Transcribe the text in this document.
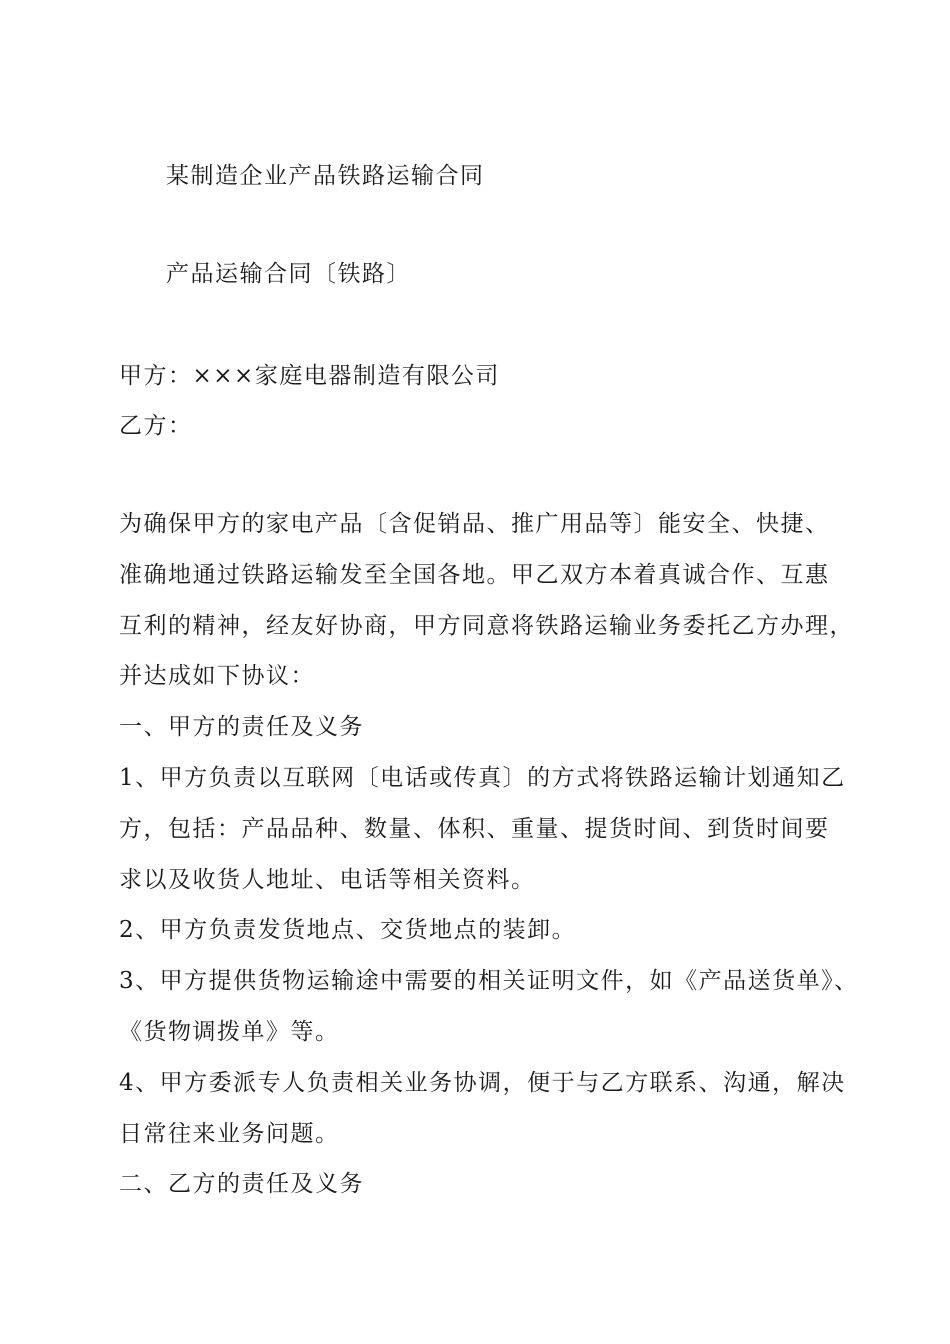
某制造企业产品铁路运输合同
产品运输合同〔铁路〕
甲方：×××家庭电器制造有限公司
乙方：
为确保甲方的家电产品〔含促销品、推广用品等〕能安全、快捷、
准确地通过铁路运输发至全国各地。甲乙双方本着真诚合作、互惠
互利的精神，经友好协商，甲方同意将铁路运输业务委托乙方办理，
并达成如下协议：
一、甲方的责任及义务
1、甲方负责以互联网〔电话或传真〕的方式将铁路运输计划通知乙
方，包括：产品品种、数量、体积、重量、提货时间、到货时间要
求以及收货人地址、电话等相关资料。
2、甲方负责发货地点、交货地点的装卸。
3、甲方提供货物运输途中需要的相关证明文件，如《产品送货单》、
《货物调拨单》等。
4、甲方委派专人负责相关业务协调，便于与乙方联系、沟通，解决
日常往来业务问题。
二、乙方的责任及义务
